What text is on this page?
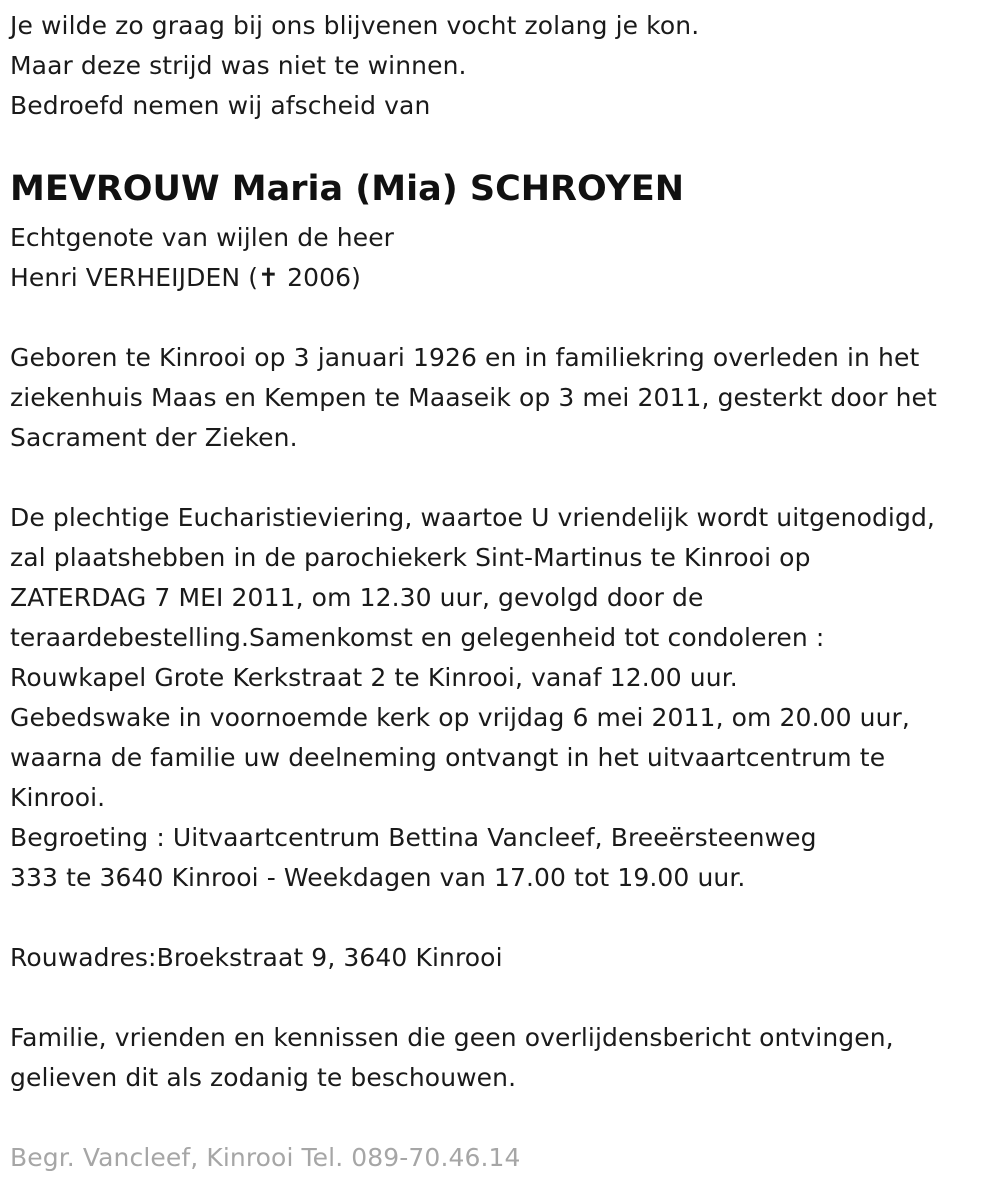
Je wilde zo graag bij ons blijvenen vocht zolang je kon.
Maar deze strijd was niet te winnen.
Bedroefd nemen wij afscheid van
MEVROUW Maria (Mia) SCHROYEN
Echtgenote van wijlen de heer
Henri VERHEIJDEN (✝ 2006)
Geboren te Kinrooi op 3 januari 1926 en in familiekring overleden in het
ziekenhuis Maas en Kempen te Maaseik op 3 mei 2011, gesterkt door het
Sacrament der Zieken.
De plechtige Eucharistieviering, waartoe U vriendelijk wordt uitgenodigd,
zal plaatshebben in de parochiekerk Sint-Martinus te Kinrooi op
ZATERDAG 7 MEI 2011, om 12.30 uur, gevolgd door de
teraardebestelling.Samenkomst en gelegenheid tot condoleren :
Rouwkapel Grote Kerkstraat 2 te Kinrooi, vanaf 12.00 uur.
Gebedswake in voornoemde kerk op vrijdag 6 mei 2011, om 20.00 uur,
waarna de familie uw deelneming ontvangt in het uitvaartcentrum te
Kinrooi.
Begroeting : Uitvaartcentrum Bettina Vancleef, Breeërsteenweg
333 te 3640 Kinrooi - Weekdagen van 17.00 tot 19.00 uur.
Rouwadres:Broekstraat 9, 3640 Kinrooi
Familie, vrienden en kennissen die geen overlijdensbericht ontvingen,
gelieven dit als zodanig te beschouwen.
Begr. Vancleef, Kinrooi Tel. 089-70.46.14
